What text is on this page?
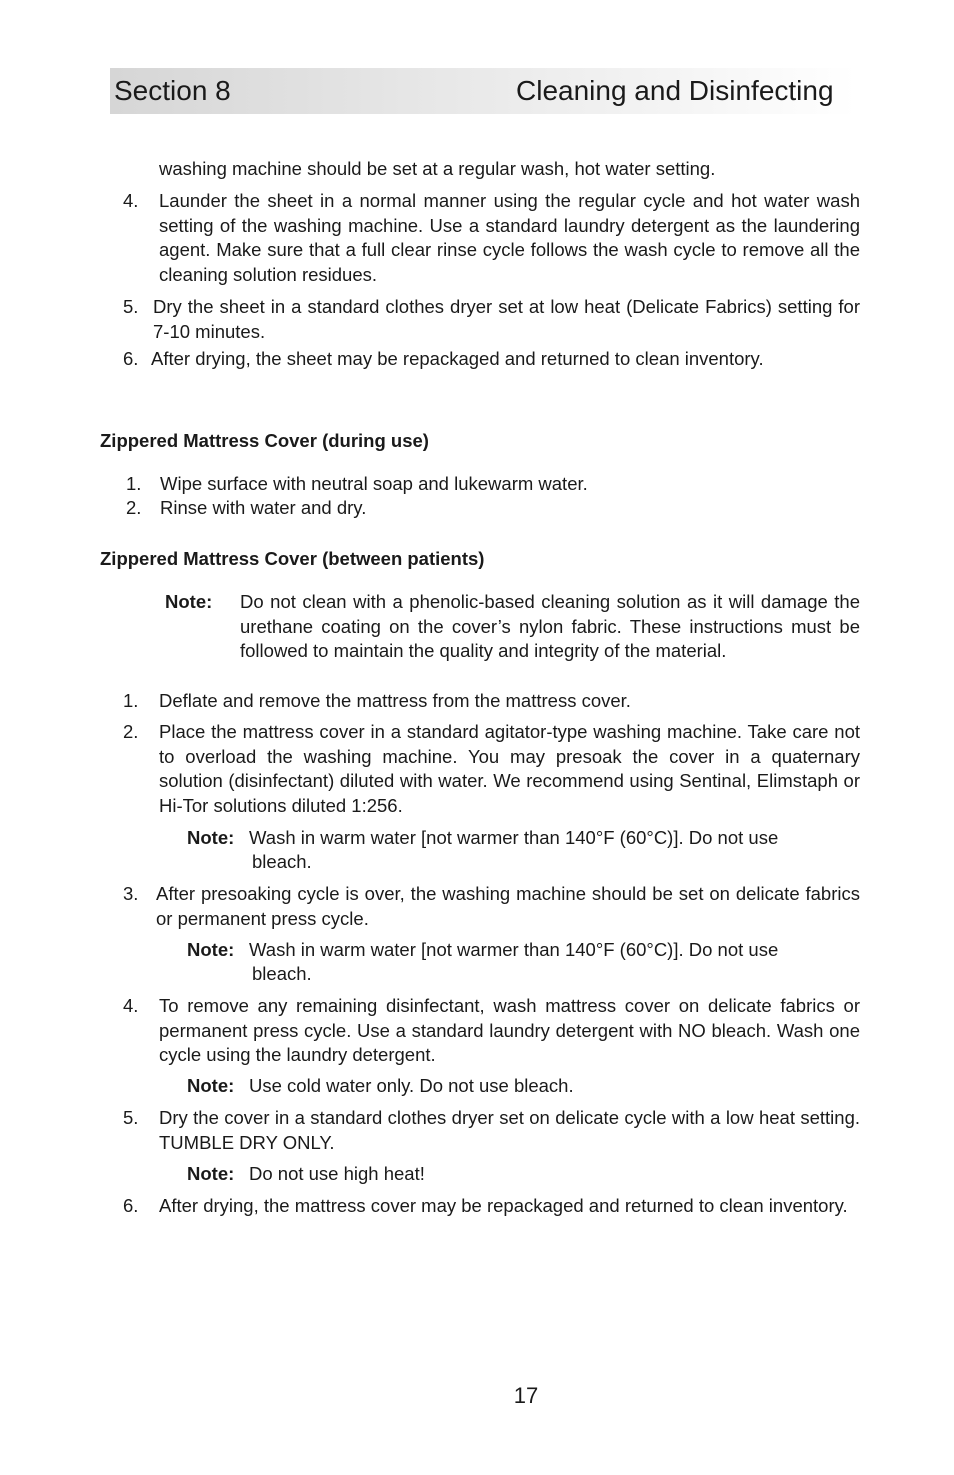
Section 8	Cleaning and Disinfecting
washing machine should be set at a regular wash, hot water setting.
4. Launder the sheet in a normal manner using the regular cycle and hot water wash setting of the washing machine. Use a standard laundry detergent as the laundering agent. Make sure that a full clear rinse cycle follows the wash cycle to remove all the cleaning solution residues.
5. Dry the sheet in a standard clothes dryer set at low heat (Delicate Fabrics) setting for 7-10 minutes.
6. After drying, the sheet may be repackaged and returned to clean inventory.
Zippered Mattress Cover (during use)
1. Wipe surface with neutral soap and lukewarm water.
2. Rinse with water and dry.
Zippered Mattress Cover (between patients)
Note: Do not clean with a phenolic-based cleaning solution as it will damage the urethane coating on the cover’s nylon fabric. These instructions must be followed to maintain the quality and integrity of the material.
1. Deflate and remove the mattress from the mattress cover.
2. Place the mattress cover in a standard agitator-type washing machine. Take care not to overload the washing machine. You may presoak the cover in a quaternary solution (disinfectant) diluted with water. We recommend using Sentinal, Elimstaph or Hi-Tor solutions diluted 1:256.
Note: Wash in warm water [not warmer than 140°F (60°C)]. Do not use
bleach.
3. After presoaking cycle is over, the washing machine should be set on delicate fabrics or permanent press cycle.
Note: Wash in warm water [not warmer than 140°F (60°C)]. Do not use
bleach.
4. To remove any remaining disinfectant, wash mattress cover on delicate fabrics or permanent press cycle. Use a standard laundry detergent with NO bleach. Wash one cycle using the laundry detergent.
Note: Use cold water only. Do not use bleach.
5. Dry the cover in a standard clothes dryer set on delicate cycle with a low heat setting. TUMBLE DRY ONLY.
Note: Do not use high heat!
6. After drying, the mattress cover may be repackaged and returned to clean inventory.
17
